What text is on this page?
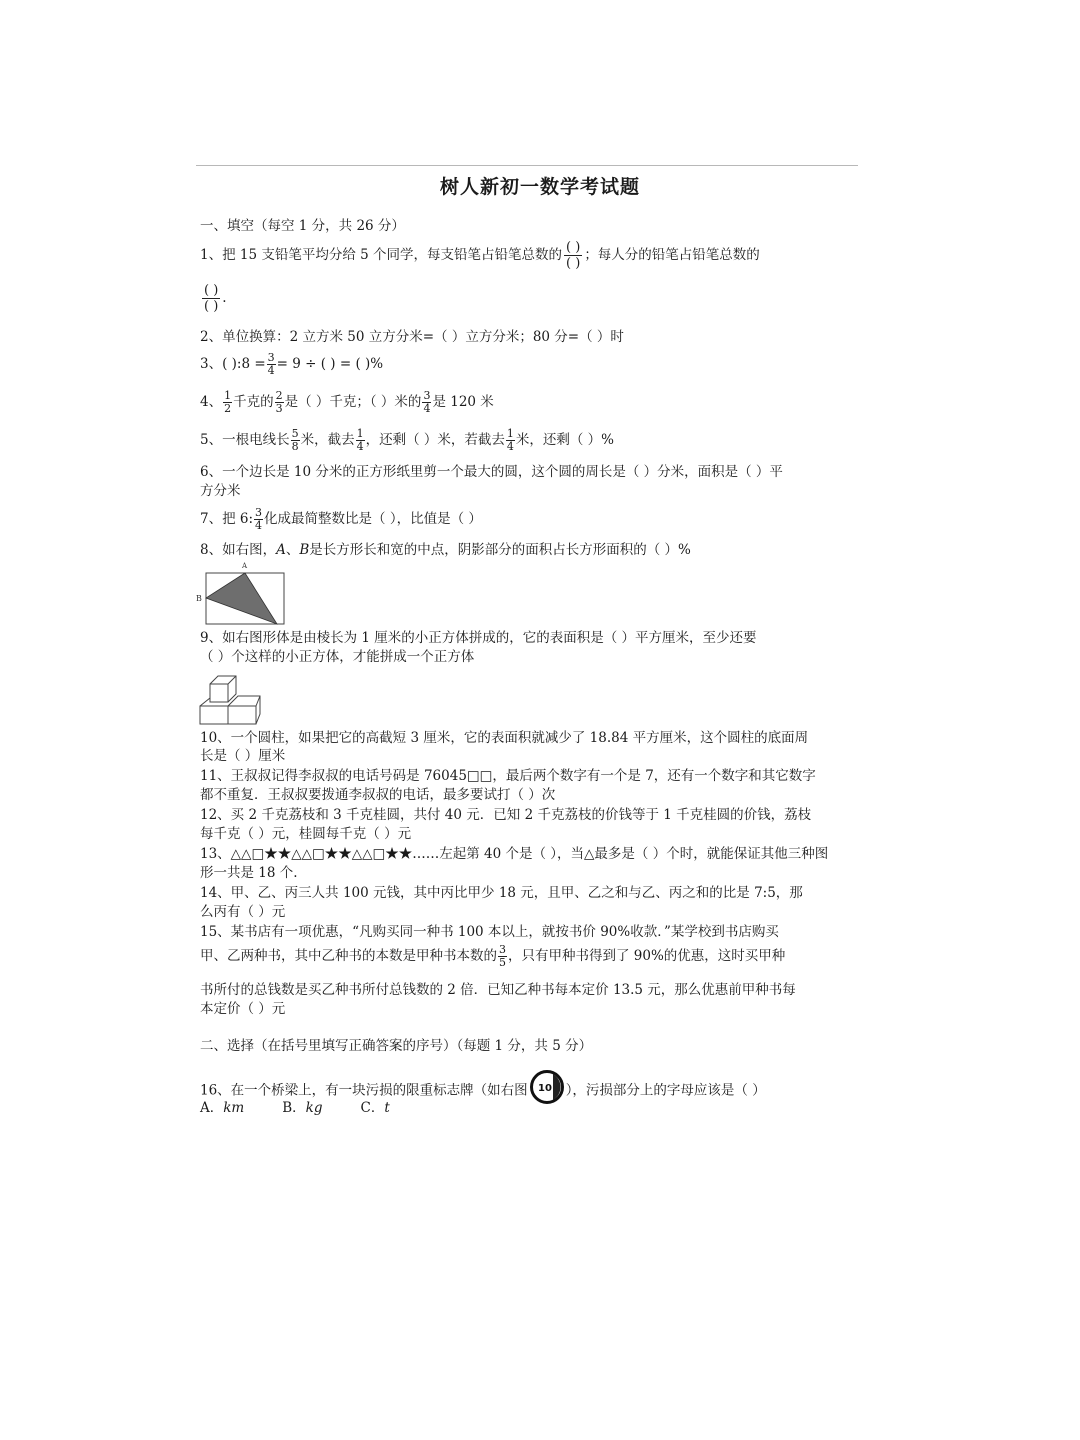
树人新初一数学考试题
一、填空（每空 1 分，共 26 分）
1、把 15 支铅笔平均分给 5 个同学，每支铅笔占铅笔总数的 $\frac{( )}{( )}$ ；每人分的铅笔占铅笔总数的
$\frac{( )}{( )}$ .
2、单位换算：2 立方米 50 立方分米=（ ）立方分米；80 分=（ ）时
3、( ):8 = $\frac{3}{4} = 9$ ÷ ( ) = ( )%
4、 $\frac{1}{2}$ 千克的 $\frac{2}{3}$ 是（ ）千克；（ ）米的 $\frac{3}{4}$ 是 120 米
5、一根电线长 $\frac{5}{8}$ 米，截去 $\frac{1}{4}$ ，还剩（ ）米，若截去 $\frac{1}{4}$ 米，还剩（ ）%
6、一个边长是 10 分米的正方形纸里剪一个最大的圆，这个圆的周长是（ ）分米，面积是（ ）平
方分米
7、把 6: $\frac{3}{4}$ 化成最简整数比是（ ），比值是（ ）
8、如右图，A、B是长方形长和宽的中点，阴影部分的面积占长方形面积的（ ）%
A
B
9、如右图形体是由棱长为 1 厘米的小正方体拼成的，它的表面积是（ ）平方厘米，至少还要
（ ）个这样的小正方体，才能拼成一个正方体
10、一个圆柱，如果把它的高截短 3 厘米，它的表面积就减少了 18.84 平方厘米，这个圆柱的底面周
长是（ ）厘米
11、王叔叔记得李叔叔的电话号码是 76045□□，最后两个数字有一个是 7，还有一个数字和其它数字
都不重复．王叔叔要拨通李叔叔的电话，最多要试打（ ）次
12、买 2 千克荔枝和 3 千克桂圆，共付 40 元．已知 2 千克荔枝的价钱等于 1 千克桂圆的价钱，荔枝
每千克（ ）元，桂圆每千克（ ）元
13、△△□★★△△□★★△△□★★……左起第 40 个是（ ），当△最多是（ ）个时，就能保证其他三种图
形一共是 18 个.
14、甲、乙、丙三人共 100 元钱，其中丙比甲少 18 元，且甲、乙之和与乙、丙之和的比是 7:5，那
么丙有（ ）元
15、某书店有一项优惠，“凡购买同一种书 100 本以上，就按书价 90%收款．”某学校到书店购买
甲、乙两种书，其中乙种书的本数是甲种书本数的 $\frac{3}{5}$ ，只有甲种书得到了 90%的优惠，这时买甲种
书所付的总钱数是买乙种书所付总钱数的 2 倍．已知乙种书每本定价 13.5 元，那么优惠前甲种书每
本定价（ ）元
二、选择（在括号里填写正确答案的序号）（每题 1 分，共 5 分）
16、在一个桥梁上，有一块污损的限重标志牌（如右图 10 ），污损部分上的字母应该是（ ）
A．km	B．kg	C．t
